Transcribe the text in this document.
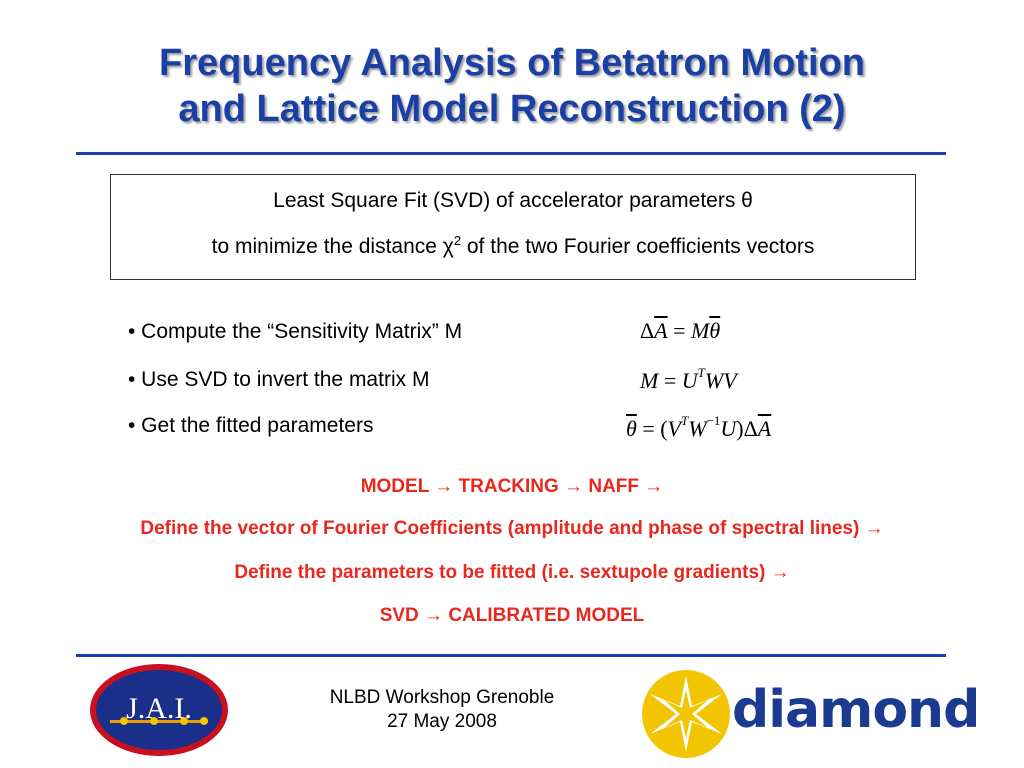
Frequency Analysis of Betatron Motion
and Lattice Model Reconstruction (2)
Least Square Fit (SVD) of accelerator parameters θ
to minimize the distance $\chi^2$ of the two Fourier coefficients vectors
• Compute the “Sensitivity Matrix” M
• Use SVD to invert the matrix M
• Get the fitted parameters
$\Delta\overline{A} = M\overline{\theta}$
$M = U^TWV$
$\overline{\theta} = (V^TW^{-1}U)\Delta\overline{A}$
MODEL → TRACKING → NAFF →
Define the vector of Fourier Coefficients (amplitude and phase of spectral lines) →
Define the parameters to be fitted (i.e. sextupole gradients) →
SVD → CALIBRATED MODEL
J.A.I.	NLBD Workshop Grenoble
27 May 2008	diamond
